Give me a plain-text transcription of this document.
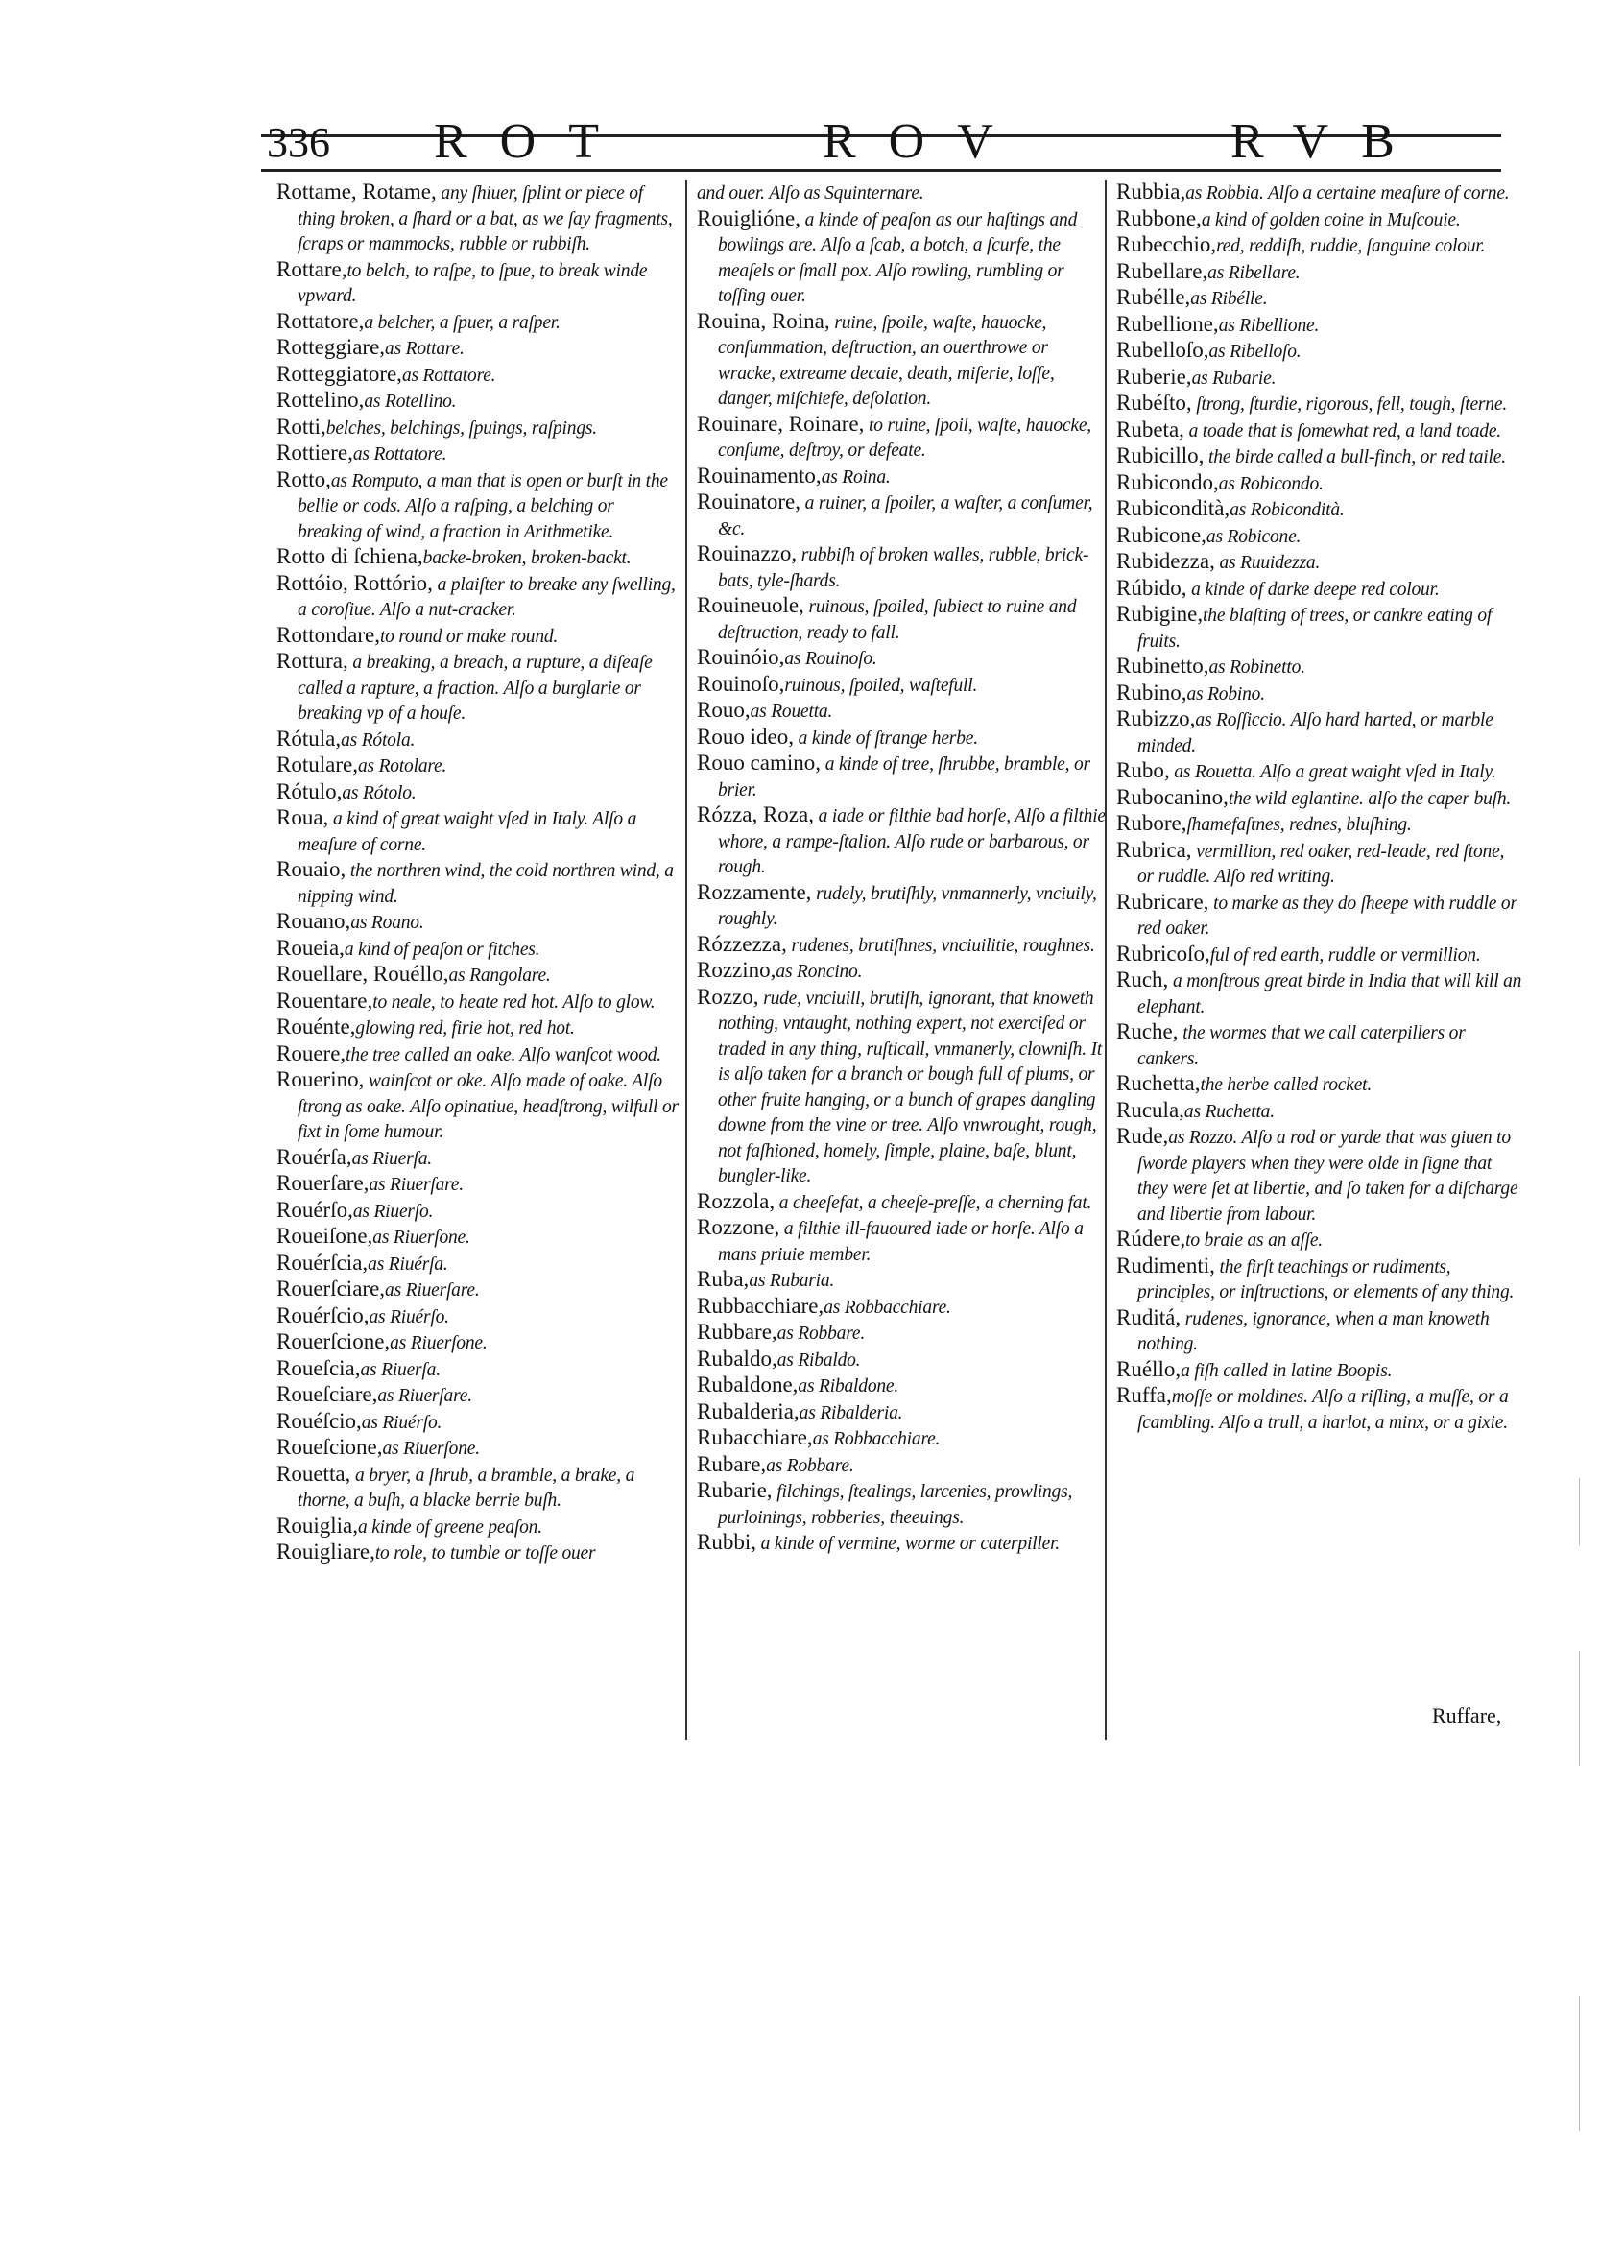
336 ROT	ROV	RVB

Rottame, Rotame, any ſhiuer, ſplint or piece of thing broken, a ſhard or a bat, as we ſay fragments, ſcraps or mammocks, rubble or rubbiſh.

Rottare,to belch, to raſpe, to ſpue, to break winde vpward.

Rottatore,a belcher, a ſpuer, a raſper.

Rotteggiare,as Rottare.

Rotteggiatore,as Rottatore.

Rottelino,as Rotellino.

Rotti,belches, belchings, ſpuings, raſpings.

Rottiere,as Rottatore.

Rotto,as Romputo, a man that is open or burſt in the bellie or cods. Alſo a raſping, a belching or breaking of wind, a fraction in Arithmetike.

Rotto di ſchiena,backe-broken, broken-backt.

Rottóio, Rottório, a plaiſter to breake any ſwelling, a coroſiue. Alſo a nut-cracker.

Rottondare,to round or make round.

Rottura, a breaking, a breach, a rupture, a diſeaſe called a rapture, a fraction. Alſo a burglarie or breaking vp of a houſe.

Rótula,as Rótola.

Rotulare,as Rotolare.

Rótulo,as Rótolo.

Roua, a kind of great waight vſed in Italy. Alſo a meaſure of corne.

Rouaio, the northren wind, the cold northren wind, a nipping wind.

Rouano,as Roano.

Roueia,a kind of peaſon or fitches.

Rouellare, Rouéllo,as Rangolare.

Rouentare,to neale, to heate red hot. Alſo to glow.

Rouénte,glowing red, firie hot, red hot.

Rouere,the tree called an oake. Alſo wanſcot wood.

Rouerino, wainſcot or oke. Alſo made of oake. Alſo ſtrong as oake. Alſo opinatiue, headſtrong, wilfull or fixt in ſome humour.

Rouérſa,as Riuerſa.

Rouerſare,as Riuerſare.

Rouérſo,as Riuerſo.

Roueiſone,as Riuerſone.

Rouérſcia,as Riuérſa.

Rouerſciare,as Riuerſare.

Rouérſcio,as Riuérſo.

Rouerſcione,as Riuerſone.

Roueſcia,as Riuerſa.

Roueſciare,as Riuerſare.

Rouéſcio,as Riuérſo.

Roueſcione,as Riuerſone.

Rouetta, a bryer, a ſhrub, a bramble, a brake, a thorne, a buſh, a blacke berrie buſh.

Rouiglia,a kinde of greene peaſon.

Rouigliare,to role, to tumble or toſſe ouer

and ouer. Alſo as Squinternare.

Rouiglióne, a kinde of peaſon as our haſtings and bowlings are. Alſo a ſcab, a botch, a ſcurfe, the meaſels or ſmall pox. Alſo rowling, rumbling or toſſing ouer.

Rouina, Roina, ruine, ſpoile, waſte, hauocke, conſummation, deſtruction, an ouerthrowe or wracke, extreame decaie, death, miſerie, loſſe, danger, miſchiefe, deſolation.

Rouinare, Roinare, to ruine, ſpoil, waſte, hauocke, conſume, deſtroy, or defeate.

Rouinamento,as Roina.

Rouinatore, a ruiner, a ſpoiler, a waſter, a conſumer, &c.

Rouinazzo, rubbiſh of broken walles, rubble, brick-bats, tyle-ſhards.

Rouineuole, ruinous, ſpoiled, ſubiect to ruine and deſtruction, ready to fall.

Rouinóio,as Rouinoſo.

Rouinoſo,ruinous, ſpoiled, waſtefull.

Rouo,as Rouetta.

Rouo ideo, a kinde of ſtrange herbe.

Rouo camino, a kinde of tree, ſhrubbe, bramble, or brier.

Rózza, Roza, a iade or filthie bad horſe, Alſo a filthie whore, a rampe-ſtalion. Alſo rude or barbarous, or rough.

Rozzamente, rudely, brutiſhly, vnmannerly, vnciuily, roughly.

Rózzezza, rudenes, brutiſhnes, vnciuilitie, roughnes.

Rozzino,as Roncino.

Rozzo, rude, vnciuill, brutiſh, ignorant, that knoweth nothing, vntaught, nothing expert, not exerciſed or traded in any thing, ruſticall, vnmanerly, clowniſh. It is alſo taken for a branch or bough full of plums, or other fruite hanging, or a bunch of grapes dangling downe from the vine or tree. Alſo vnwrought, rough, not faſhioned, homely, ſimple, plaine, baſe, blunt, bungler-like.

Rozzola, a cheeſefat, a cheeſe-preſſe, a cherning fat.

Rozzone, a filthie ill-fauoured iade or horſe. Alſo a mans priuie member.

Ruba,as Rubaria.

Rubbacchiare,as Robbacchiare.

Rubbare,as Robbare.

Rubaldo,as Ribaldo.

Rubaldone,as Ribaldone.

Rubalderia,as Ribalderia.

Rubacchiare,as Robbacchiare.

Rubare,as Robbare.

Rubarie, filchings, ſtealings, larcenies, prowlings, purloinings, robberies, theeuings.

Rubbi, a kinde of vermine, worme or caterpiller.

Rubbia,as Robbia. Alſo a certaine meaſure of corne.

Rubbone,a kind of golden coine in Muſcouie.

Rubecchio,red, reddiſh, ruddie, ſanguine colour.

Rubellare,as Ribellare.

Rubélle,as Ribélle.

Rubellione,as Ribellione.

Rubelloſo,as Ribelloſo.

Ruberie,as Rubarie.

Rubéſto, ſtrong, ſturdie, rigorous, fell, tough, ſterne.

Rubeta, a toade that is ſomewhat red, a land toade.

Rubicillo, the birde called a bull-finch, or red taile.

Rubicondo,as Robicondo.

Rubicondità,as Robicondità.

Rubicone,as Robicone.

Rubidezza, as Ruuidezza.

Rúbido, a kinde of darke deepe red colour.

Rubigine,the blaſting of trees, or cankre eating of fruits.

Rubinetto,as Robinetto.

Rubino,as Robino.

Rubizzo,as Roſſiccio. Alſo hard harted, or marble minded.

Rubo, as Rouetta. Alſo a great waight vſed in Italy.

Rubocanino,the wild eglantine. alſo the caper buſh.

Rubore,ſhamefaſtnes, rednes, bluſhing.

Rubrica, vermillion, red oaker, red-leade, red ſtone, or ruddle. Alſo red writing.

Rubricare, to marke as they do ſheepe with ruddle or red oaker.

Rubricoſo,ful of red earth, ruddle or vermillion.

Ruch, a monſtrous great birde in India that will kill an elephant.

Ruche, the wormes that we call caterpillers or cankers.

Ruchetta,the herbe called rocket.

Rucula,as Ruchetta.

Rude,as Rozzo. Alſo a rod or yarde that was giuen to ſworde players when they were olde in ſigne that they were ſet at libertie, and ſo taken for a diſcharge and libertie from labour.

Rúdere,to braie as an aſſe.

Rudimenti, the firſt teachings or rudiments, principles, or inſtructions, or elements of any thing.

Ruditá, rudenes, ignorance, when a man knoweth nothing.

Ruéllo,a fiſh called in latine Boopis.

Ruffa,moſſe or moldines. Alſo a riſling, a muſſe, or a ſcambling. Alſo a trull, a harlot, a minx, or a gixie.

Ruffare,
